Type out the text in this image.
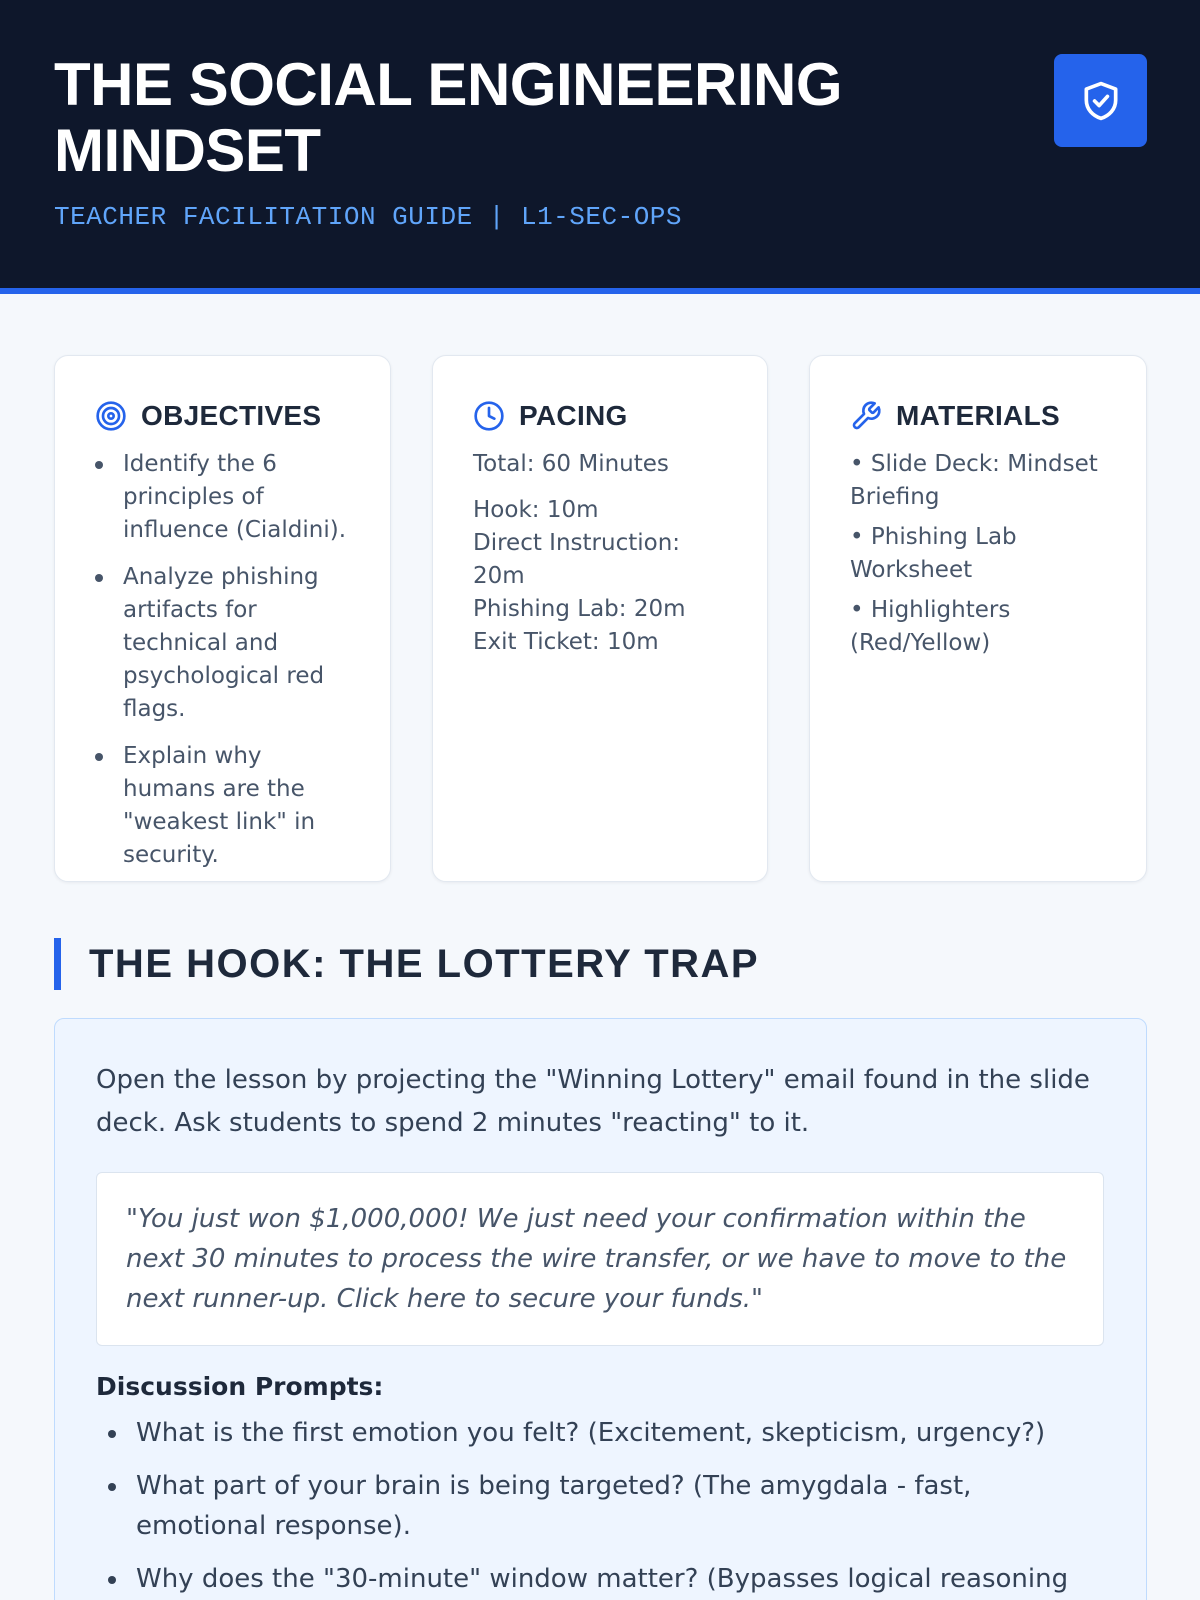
THE SOCIAL ENGINEERING MINDSET
TEACHER FACILITATION GUIDE | L1-SEC-OPS
OBJECTIVES
Identify the 6 principles of influence (Cialdini).
Analyze phishing artifacts for technical and psychological red flags.
Explain why humans are the "weakest link" in security.
PACING
Total: 60 Minutes
Hook: 10m
Direct Instruction: 20m
Phishing Lab: 20m
Exit Ticket: 10m
MATERIALS
• Slide Deck: Mindset Briefing
• Phishing Lab Worksheet
• Highlighters (Red/Yellow)
THE HOOK: THE LOTTERY TRAP

Open the lesson by projecting the "Winning Lottery" email found in the slide deck. Ask students to spend 2 minutes "reacting" to it.

"You just won $1,000,000! We just need your confirmation within the next 30 minutes to process the wire transfer, or we have to move to the next runner-up. Click here to secure your funds."

Discussion Prompts:
What is the first emotion you felt? (Excitement, skepticism, urgency?)
What part of your brain is being targeted? (The amygdala - fast, emotional response).
Why does the "30-minute" window matter? (Bypasses logical reasoning
